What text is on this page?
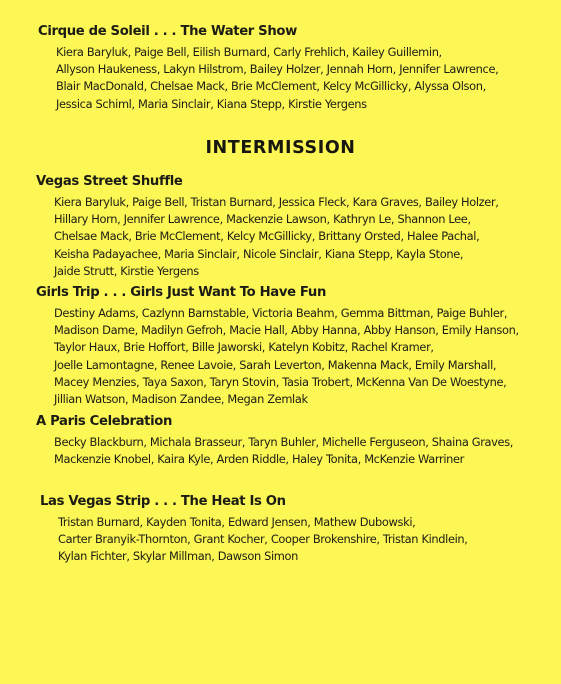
Cirque de Soleil . . . The Water Show
Kiera Baryluk, Paige Bell, Eilish Burnard, Carly Frehlich, Kailey Guillemin,
Allyson Haukeness, Lakyn Hilstrom, Bailey Holzer, Jennah Horn, Jennifer Lawrence,
Blair MacDonald, Chelsae Mack, Brie McClement, Kelcy McGillicky, Alyssa Olson,
Jessica Schiml, Maria Sinclair, Kiana Stepp, Kirstie Yergens
INTERMISSION
Vegas Street Shuffle
Kiera Baryluk, Paige Bell, Tristan Burnard, Jessica Fleck, Kara Graves, Bailey Holzer,
Hillary Horn, Jennifer Lawrence, Mackenzie Lawson, Kathryn Le, Shannon Lee,
Chelsae Mack, Brie McClement, Kelcy McGillicky, Brittany Orsted, Halee Pachal,
Keisha Padayachee, Maria Sinclair, Nicole Sinclair, Kiana Stepp, Kayla Stone,
Jaide Strutt, Kirstie Yergens
Girls Trip . . . Girls Just Want To Have Fun
Destiny Adams, Cazlynn Barnstable, Victoria Beahm, Gemma Bittman, Paige Buhler,
Madison Dame, Madilyn Gefroh, Macie Hall, Abby Hanna, Abby Hanson, Emily Hanson,
Taylor Haux, Brie Hoffort, Bille Jaworski, Katelyn Kobitz, Rachel Kramer,
Joelle Lamontagne, Renee Lavoie, Sarah Leverton, Makenna Mack, Emily Marshall,
Macey Menzies, Taya Saxon, Taryn Stovin, Tasia Trobert, McKenna Van De Woestyne,
Jillian Watson, Madison Zandee, Megan Zemlak
A Paris Celebration
Becky Blackburn, Michala Brasseur, Taryn Buhler, Michelle Ferguseon, Shaina Graves,
Mackenzie Knobel, Kaira Kyle, Arden Riddle, Haley Tonita, McKenzie Warriner
Las Vegas Strip . . . The Heat Is On
Tristan Burnard, Kayden Tonita, Edward Jensen, Mathew Dubowski,
Carter Branyik-Thornton, Grant Kocher, Cooper Brokenshire, Tristan Kindlein,
Kylan Fichter, Skylar Millman, Dawson Simon
